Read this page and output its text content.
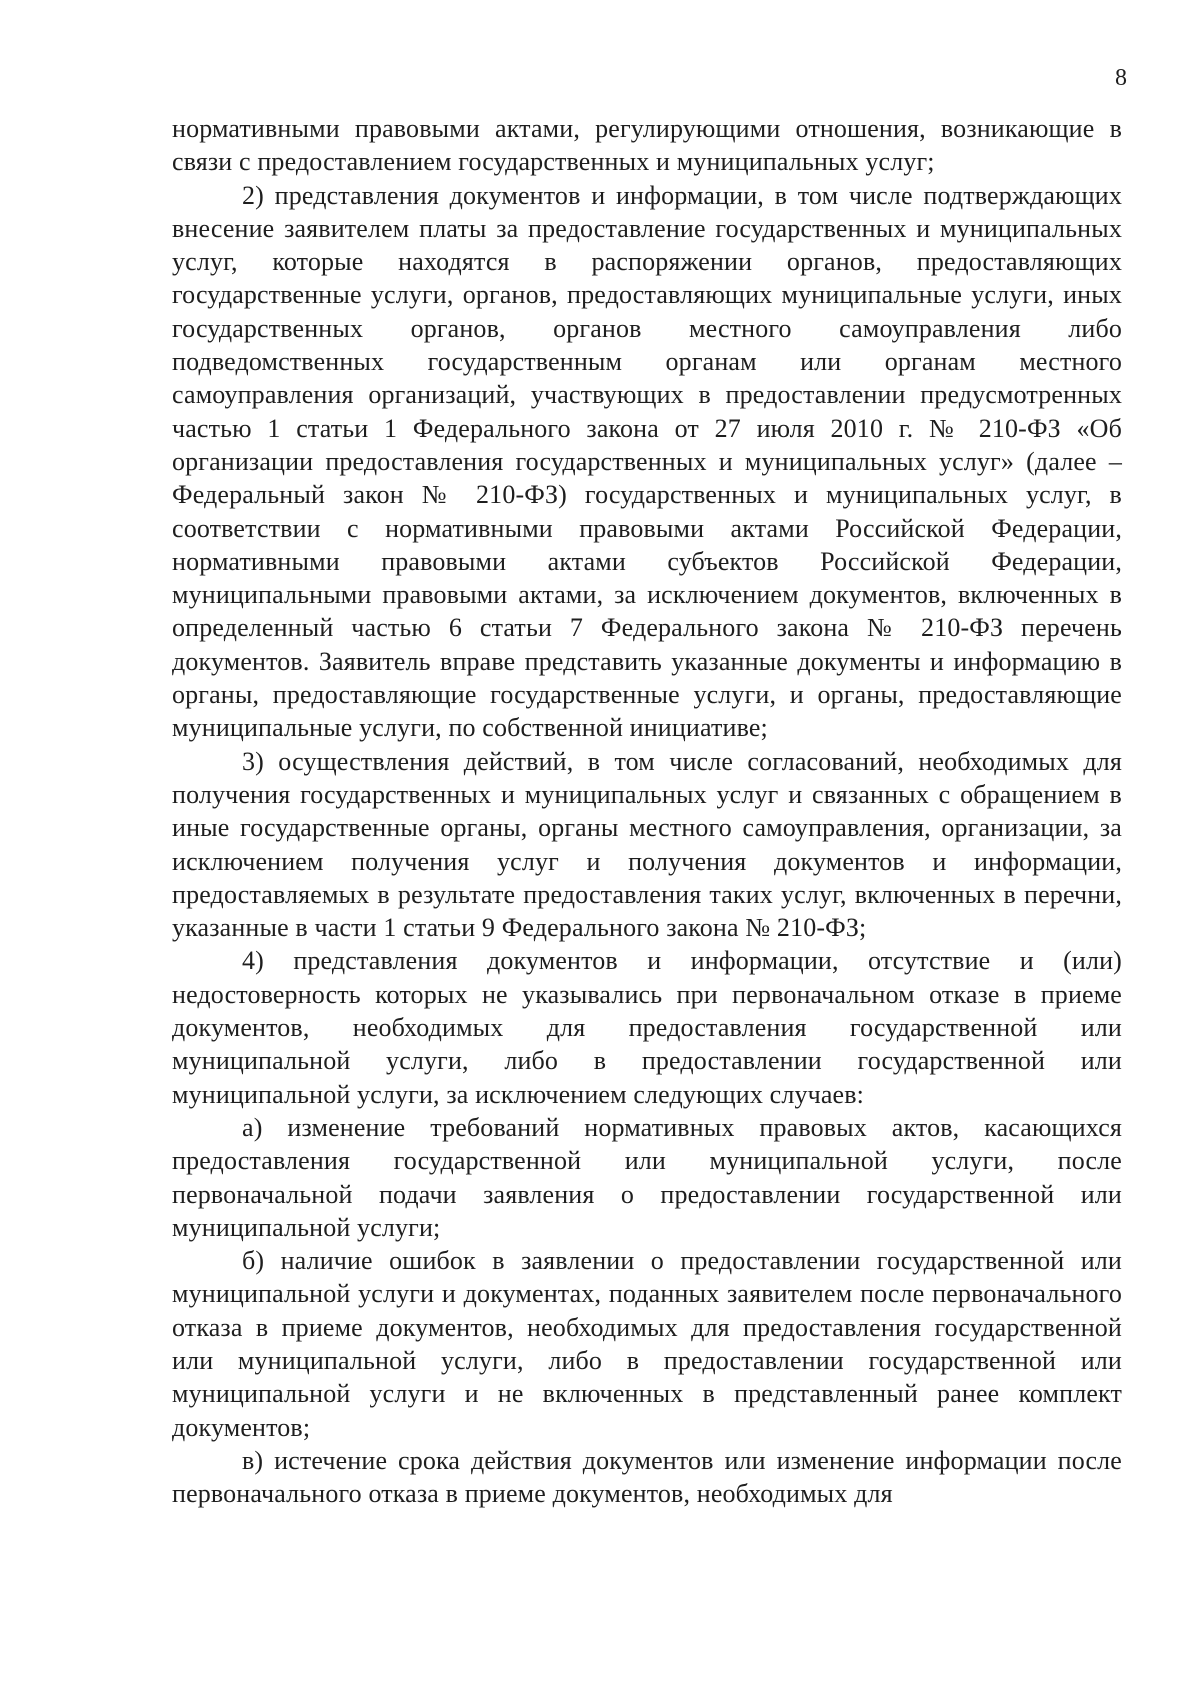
8

нормативными правовыми актами, регулирующими отношения, возникающие в связи с предоставлением государственных и муниципальных услуг;

2) представления документов и информации, в том числе подтверждающих внесение заявителем платы за предоставление государственных и муниципальных услуг, которые находятся в распоряжении органов, предоставляющих государственные услуги, органов, предоставляющих муниципальные услуги, иных государственных органов, органов местного самоуправления либо подведомственных государственным органам или органам местного самоуправления организаций, участвующих в предоставлении предусмотренных частью 1 статьи 1 Федерального закона от 27 июля 2010 г. № 210-ФЗ «Об организации предоставления государственных и муниципальных услуг» (далее – Федеральный закон № 210-ФЗ) государственных и муниципальных услуг, в соответствии с нормативными правовыми актами Российской Федерации, нормативными правовыми актами субъектов Российской Федерации, муниципальными правовыми актами, за исключением документов, включенных в определенный частью 6 статьи 7 Федерального закона № 210-ФЗ перечень документов. Заявитель вправе представить указанные документы и информацию в органы, предоставляющие государственные услуги, и органы, предоставляющие муниципальные услуги, по собственной инициативе;

3) осуществления действий, в том числе согласований, необходимых для получения государственных и муниципальных услуг и связанных с обращением в иные государственные органы, органы местного самоуправления, организации, за исключением получения услуг и получения документов и информации, предоставляемых в результате предоставления таких услуг, включенных в перечни, указанные в части 1 статьи 9 Федерального закона № 210-ФЗ;

4) представления документов и информации, отсутствие и (или) недостоверность которых не указывались при первоначальном отказе в приеме документов, необходимых для предоставления государственной или муниципальной услуги, либо в предоставлении государственной или муниципальной услуги, за исключением следующих случаев:

а) изменение требований нормативных правовых актов, касающихся предоставления государственной или муниципальной услуги, после первоначальной подачи заявления о предоставлении государственной или муниципальной услуги;

б) наличие ошибок в заявлении о предоставлении государственной или муниципальной услуги и документах, поданных заявителем после первоначального отказа в приеме документов, необходимых для предоставления государственной или муниципальной услуги, либо в предоставлении государственной или муниципальной услуги и не включенных в представленный ранее комплект документов;

в) истечение срока действия документов или изменение информации после первоначального отказа в приеме документов, необходимых для
